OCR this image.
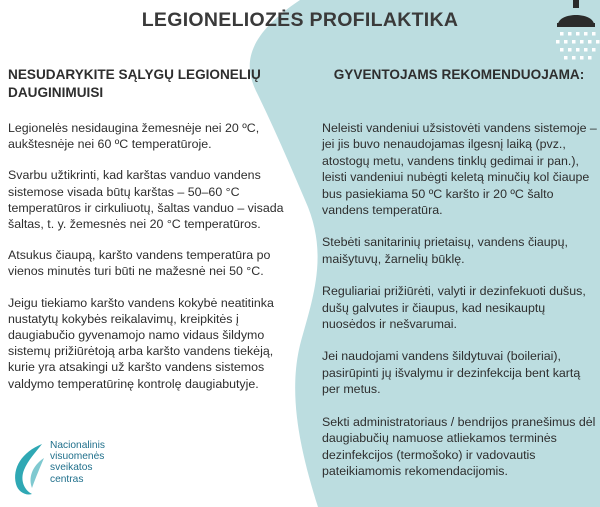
LEGIONELIOZĖS PROFILAKTIKA
NESUDARYKITE SĄLYGŲ LEGIONELIŲ DAUGINIMUISI

Legionelės nesidaugina žemesnėje nei 20 ºC, aukštesnėje nei 60 ºC temperatūroje.

Svarbu užtikrinti, kad karštas vanduo vandens sistemose visada būtų karštas – 50–60 °C temperatūros ir cirkuliuotų, šaltas vanduo – visada šaltas, t. y. žemesnės nei 20 °C temperatūros.

Atsukus čiaupą, karšto vandens temperatūra po vienos minutės turi būti ne mažesnė nei 50 °C.

Jeigu tiekiamo karšto vandens kokybė neatitinka nustatytų kokybės reikalavimų, kreipkitės į daugiabučio gyvenamojo namo vidaus šildymo sistemų prižiūrėtoją arba karšto vandens tiekėją, kurie yra atsakingi už karšto vandens sistemos valdymo temperatūrinę kontrolę daugiabutyje.

GYVENTOJAMS REKOMENDUOJAMA:

Neleisti vandeniui užsistovėti vandens sistemoje – jei jis buvo nenaudojamas ilgesnį laiką (pvz., atostogų metu, vandens tinklų gedimai ir pan.), leisti vandeniui nubėgti keletą minučių kol čiaupe bus pasiekiama 50 ºC karšto ir 20 ºC šalto vandens temperatūra.

Stebėti sanitarinių prietaisų, vandens čiaupų, maišytuvų, žarnelių būklę.

Reguliariai prižiūrėti, valyti ir dezinfekuoti dušus, dušų galvutes ir čiaupus, kad nesikauptų nuosėdos ir nešvarumai.

Jei naudojami vandens šildytuvai (boileriai), pasirūpinti jų išvalymu ir dezinfekcija bent kartą per metus.

Sekti administratoriaus / bendrijos pranešimus dėl daugiabučių namuose atliekamos terminės dezinfekcijos (termošoko) ir vadovautis pateikiamomis rekomendacijomis.

Nacionalinis
visuomenės
sveikatos
centras
